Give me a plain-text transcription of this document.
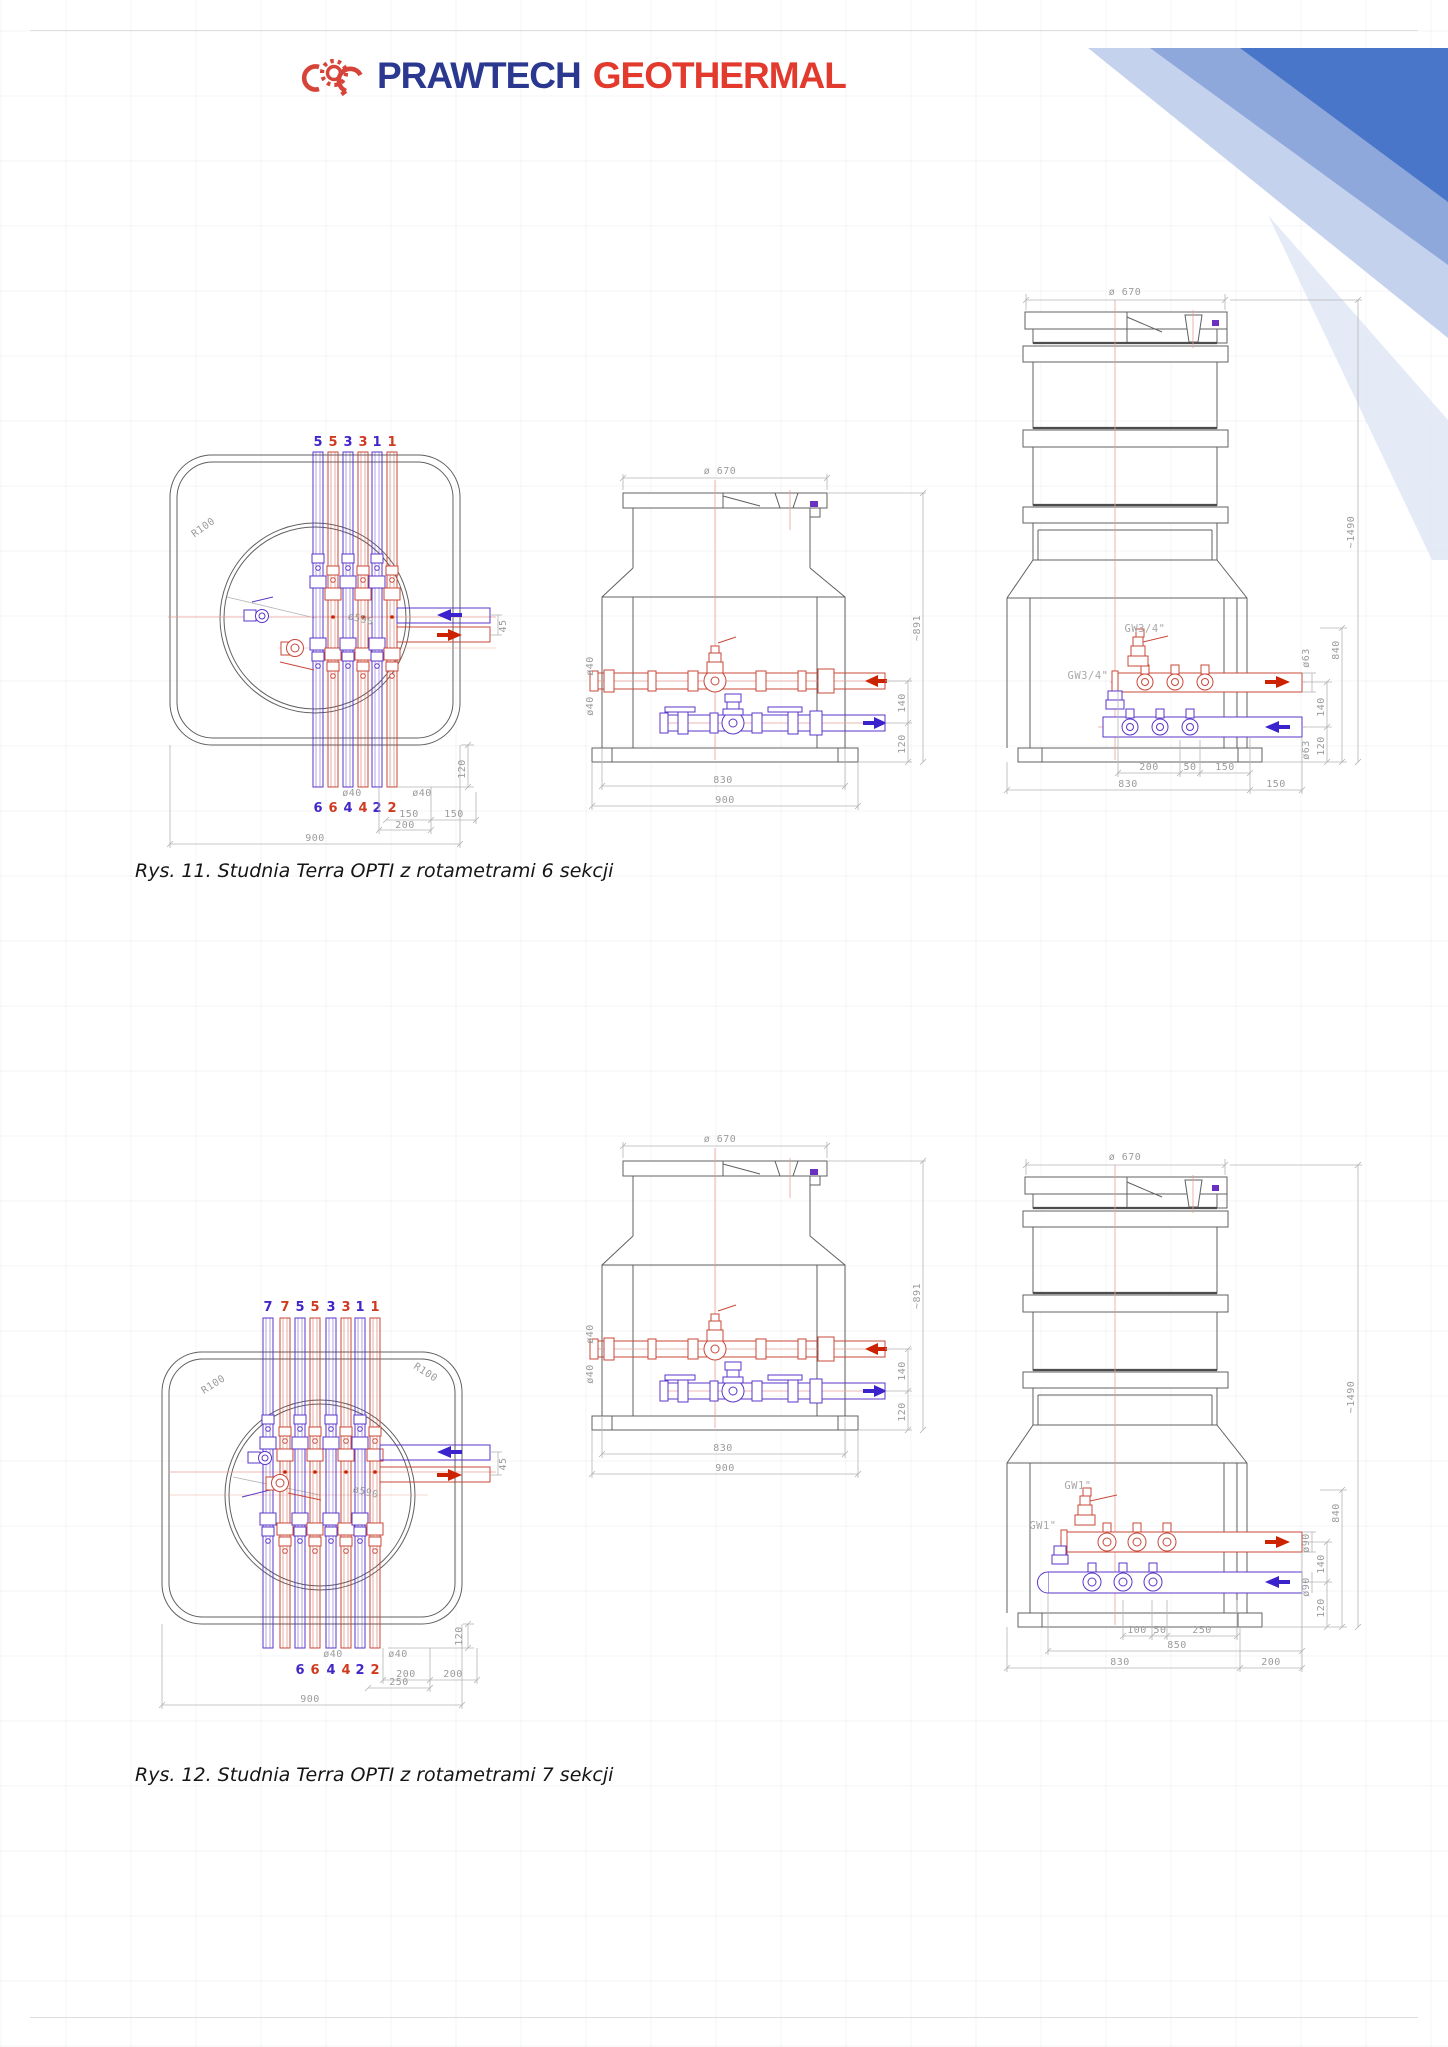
PRAWTECH GEOTHERMAL
5 5 3 3 1 1
6 6 4 4 2 2
R100
ø590
ø40	ø40
150	150
200
900
120
45
ø 670
ø40
ø40	140
120
~891
830
900
GW3/4"
GW3/4"
ø 670
ø63
140
120
ø63
840
~1490
200 50 150
830	150
Rys. 11. Studnia Terra OPTI z rotametrami 6 sekcji
7 7 5 5 3 3 1 1
6 6 4 4 2 2
R100
R100
ø590
ø40	ø40
200	200
250
900
120
45
ø 670
ø40
ø40	140
120
~891
830
900
GW1"
GW1"
ø 670
ø90
140
ø90
120
840
~1490
100 50	250
850
830	200
Rys. 12. Studnia Terra OPTI z rotametrami 7 sekcji
